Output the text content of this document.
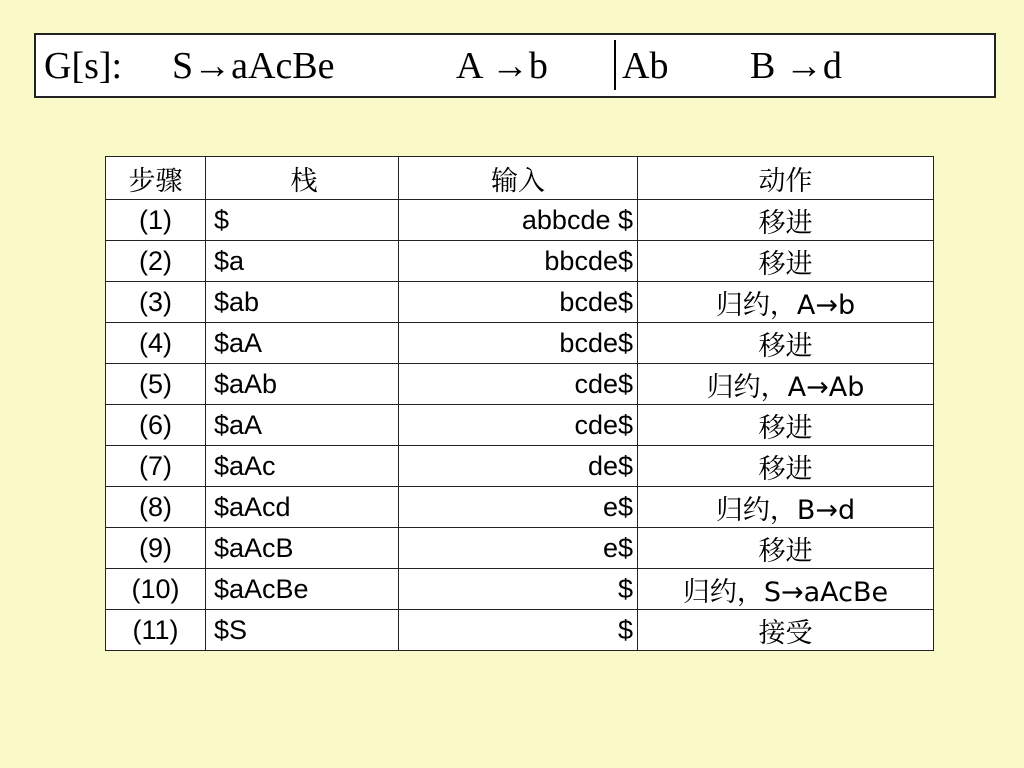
G[s]: S→aAcBe	A →b Ab B →d
步骤	栈	输入	动作
(1)	$	abbcde $	移进
(2)	$a	bbcde$	移进
(3)	$ab	bcde$	归约，A→b
(4)	$aA	bcde$	移进
(5)	$aAb	cde$	归约，A→Ab
(6)	$aA	cde$	移进
(7)	$aAc	de$	移进
(8)	$aAcd	e$	归约，B→d
(9)	$aAcB	e$	移进
(10)	$aAcBe	$	归约，S→aAcBe
(11)	$S	$	接受
